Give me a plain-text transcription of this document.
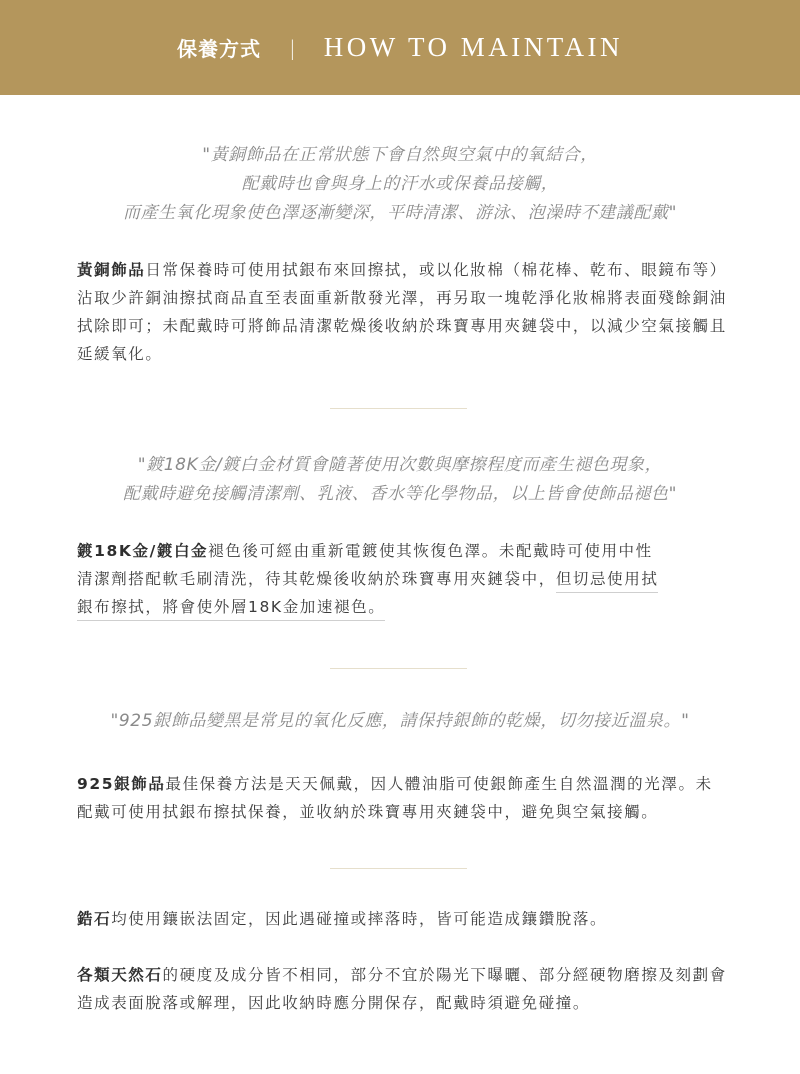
保養方式 | HOW TO MAINTAIN
"黃銅飾品在正常狀態下會自然與空氣中的氧結合，
配戴時也會與身上的汗水或保養品接觸，
而產生氧化現象使色澤逐漸變深，平時清潔、游泳、泡澡時不建議配戴"

黃銅飾品日常保養時可使用拭銀布來回擦拭，或以化妝棉（棉花棒、乾布、眼鏡布等）沾取少許銅油擦拭商品直至表面重新散發光澤，再另取一塊乾淨化妝棉將表面殘餘銅油拭除即可；未配戴時可將飾品清潔乾燥後收納於珠寶專用夾鏈袋中，以減少空氣接觸且延緩氧化。

"鍍18K金/鍍白金材質會隨著使用次數與摩擦程度而產生褪色現象，
配戴時避免接觸清潔劑、乳液、香水等化學物品，以上皆會使飾品褪色"
鍍18K金/鍍白金褪色後可經由重新電鍍使其恢復色澤。未配戴時可使用中性
清潔劑搭配軟毛刷清洗，待其乾燥後收納於珠寶專用夾鏈袋中，但切忌使用拭
銀布擦拭，將會使外層18K金加速褪色。
"925銀飾品變黑是常見的氧化反應，請保持銀飾的乾燥，切勿接近溫泉。"

925銀飾品最佳保養方法是天天佩戴，因人體油脂可使銀飾產生自然溫潤的光澤。未配戴可使用拭銀布擦拭保養，並收納於珠寶專用夾鏈袋中，避免與空氣接觸。

鋯石均使用鑲嵌法固定，因此遇碰撞或摔落時，皆可能造成鑲鑽脫落。

各類天然石的硬度及成分皆不相同，部分不宜於陽光下曝曬、部分經硬物磨擦及刻劃會造成表面脫落或解理，因此收納時應分開保存，配戴時須避免碰撞。
